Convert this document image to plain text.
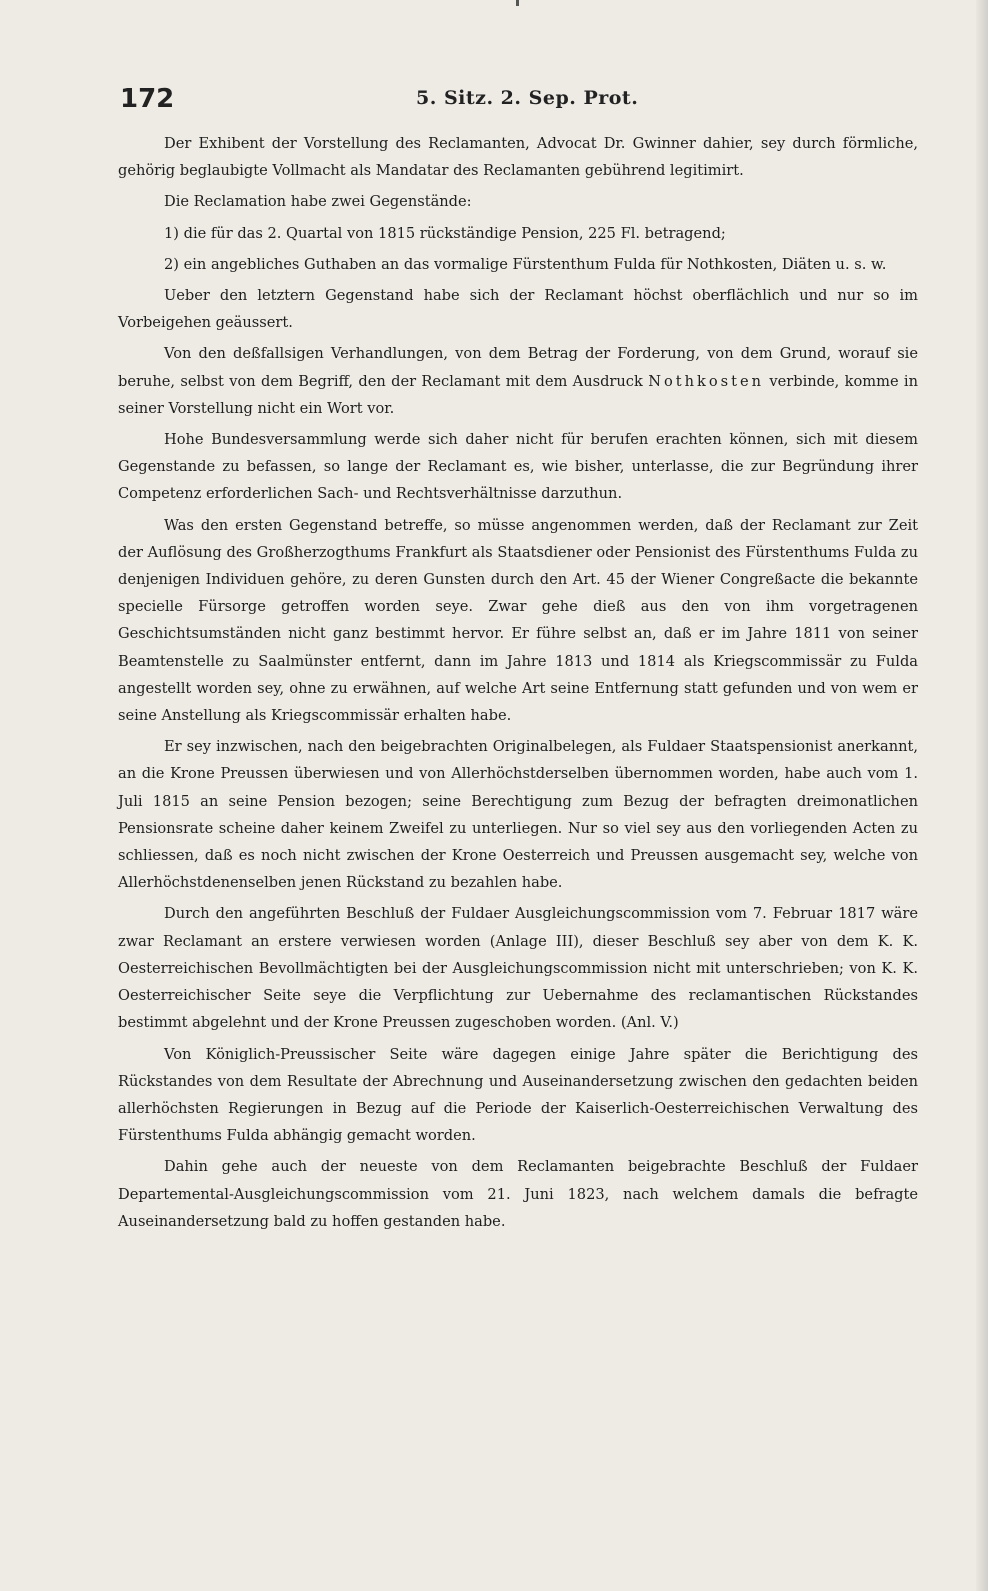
172	5. Sitz. 2. Sep. Prot.

Der Exhibent der Vorstellung des Reclamanten, Advocat Dr. Gwinner dahier, sey durch förmliche, gehörig beglaubigte Vollmacht als Mandatar des Reclamanten gebührend legitimirt.

Die Reclamation habe zwei Gegenstände:

1) die für das 2. Quartal von 1815 rückständige Pension, 225 Fl. betragend;

2) ein angebliches Guthaben an das vormalige Fürstenthum Fulda für Nothkosten, Diäten u. s. w.

Ueber den letztern Gegenstand habe sich der Reclamant höchst oberflächlich und nur so im Vorbeigehen geäussert.

Von den deßfallsigen Verhandlungen, von dem Betrag der Forderung, von dem Grund, worauf sie beruhe, selbst von dem Begriff, den der Reclamant mit dem Ausdruck Nothkosten verbinde, komme in seiner Vorstellung nicht ein Wort vor.

Hohe Bundesversammlung werde sich daher nicht für berufen erachten können, sich mit diesem Gegenstande zu befassen, so lange der Reclamant es, wie bisher, unterlasse, die zur Begründung ihrer Competenz erforderlichen Sach- und Rechtsverhältnisse darzuthun.

Was den ersten Gegenstand betreffe, so müsse angenommen werden, daß der Reclamant zur Zeit der Auflösung des Großherzogthums Frankfurt als Staatsdiener oder Pensionist des Fürstenthums Fulda zu denjenigen Individuen gehöre, zu deren Gunsten durch den Art. 45 der Wiener Congreßacte die bekannte specielle Fürsorge getroffen worden seye. Zwar gehe dieß aus den von ihm vorgetragenen Geschichtsumständen nicht ganz bestimmt hervor. Er führe selbst an, daß er im Jahre 1811 von seiner Beamtenstelle zu Saalmünster entfernt, dann im Jahre 1813 und 1814 als Kriegscommissär zu Fulda angestellt worden sey, ohne zu erwähnen, auf welche Art seine Entfernung statt gefunden und von wem er seine Anstellung als Kriegscommissär erhalten habe.

Er sey inzwischen, nach den beigebrachten Originalbelegen, als Fuldaer Staatspensionist anerkannt, an die Krone Preussen überwiesen und von Allerhöchstderselben übernommen worden, habe auch vom 1. Juli 1815 an seine Pension bezogen; seine Berechtigung zum Bezug der befragten dreimonatlichen Pensionsrate scheine daher keinem Zweifel zu unterliegen. Nur so viel sey aus den vorliegenden Acten zu schliessen, daß es noch nicht zwischen der Krone Oesterreich und Preussen ausgemacht sey, welche von Allerhöchstdenenselben jenen Rückstand zu bezahlen habe.

Durch den angeführten Beschluß der Fuldaer Ausgleichungscommission vom 7. Februar 1817 wäre zwar Reclamant an erstere verwiesen worden (Anlage III), dieser Beschluß sey aber von dem K. K. Oesterreichischen Bevollmächtigten bei der Ausgleichungscommission nicht mit unterschrieben; von K. K. Oesterreichischer Seite seye die Verpflichtung zur Uebernahme des reclamantischen Rückstandes bestimmt abgelehnt und der Krone Preussen zugeschoben worden. (Anl. V.)

Von Königlich-Preussischer Seite wäre dagegen einige Jahre später die Berichtigung des Rückstandes von dem Resultate der Abrechnung und Auseinandersetzung zwischen den gedachten beiden allerhöchsten Regierungen in Bezug auf die Periode der Kaiserlich-Oesterreichischen Verwaltung des Fürstenthums Fulda abhängig gemacht worden.

Dahin gehe auch der neueste von dem Reclamanten beigebrachte Beschluß der Fuldaer Departemental-Ausgleichungscommission vom 21. Juni 1823, nach welchem damals die befragte Auseinandersetzung bald zu hoffen gestanden habe.
